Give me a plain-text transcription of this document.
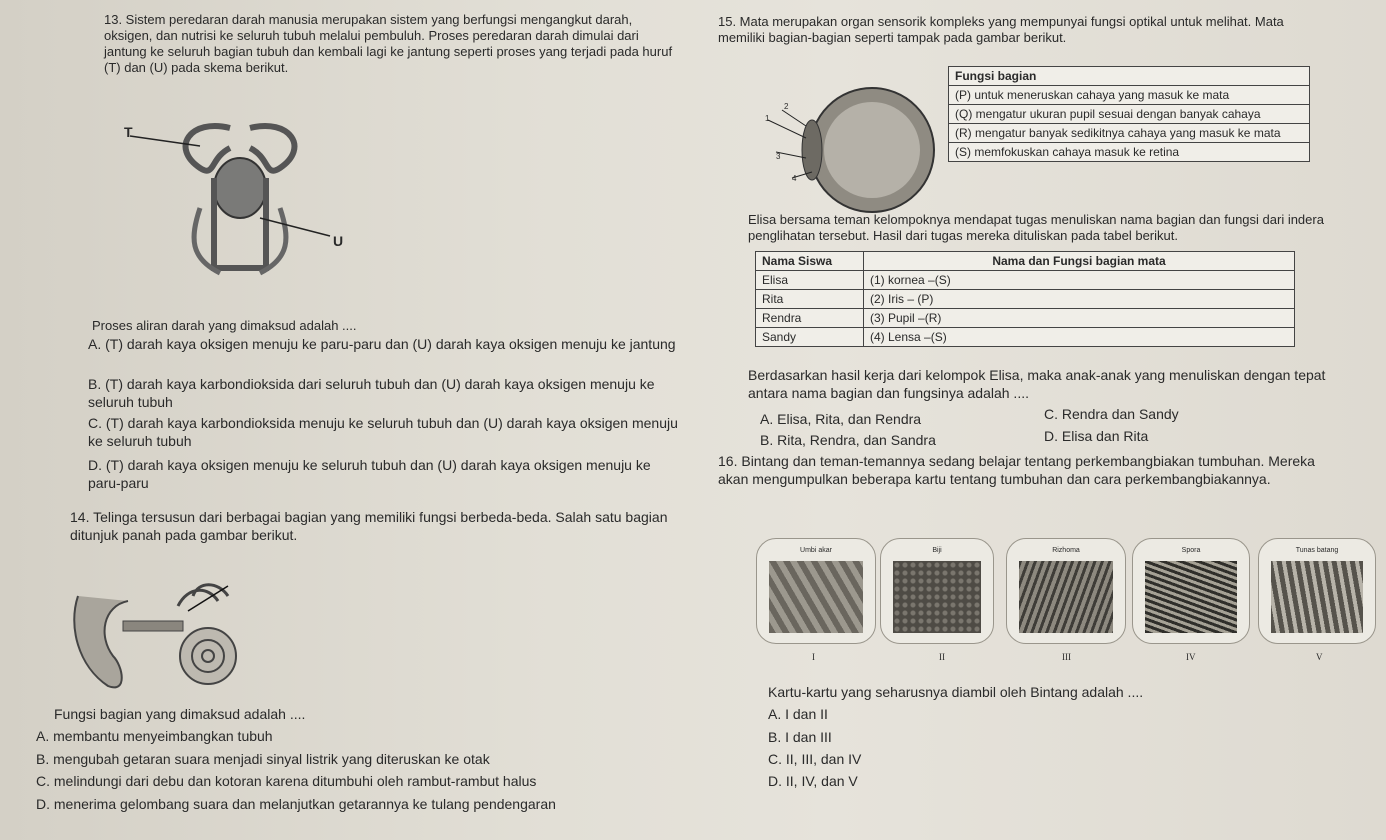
13. Sistem peredaran darah manusia merupakan sistem yang berfungsi mengangkut darah, oksigen, dan nutrisi ke seluruh tubuh melalui pembuluh. Proses peredaran darah dimulai dari jantung ke seluruh bagian tubuh dan kembali lagi ke jantung seperti proses yang terjadi pada huruf (T) dan (U) pada skema berikut.
T
U
Proses aliran darah yang dimaksud adalah ....
A. (T) darah kaya oksigen menuju ke paru-paru dan (U) darah kaya oksigen menuju ke jantung
B. (T) darah kaya karbondioksida dari seluruh tubuh dan (U) darah kaya oksigen menuju ke seluruh tubuh
C. (T) darah kaya karbondioksida menuju ke seluruh tubuh dan (U) darah kaya oksigen menuju ke seluruh tubuh
D. (T) darah kaya oksigen menuju ke seluruh tubuh dan (U) darah kaya oksigen menuju ke paru-paru
14. Telinga tersusun dari berbagai bagian yang memiliki fungsi berbeda-beda. Salah satu bagian ditunjuk panah pada gambar berikut.
Fungsi bagian yang dimaksud adalah ....
A. membantu menyeimbangkan tubuh
B. mengubah getaran suara menjadi sinyal listrik yang diteruskan ke otak
C. melindungi dari debu dan kotoran karena ditumbuhi oleh rambut-rambut halus
D. menerima gelombang suara dan melanjutkan getarannya ke tulang pendengaran
15. Mata merupakan organ sensorik kompleks yang mempunyai fungsi optikal untuk melihat. Mata memiliki bagian-bagian seperti tampak pada gambar berikut.
2
1
3
4
Fungsi bagian
(P) untuk meneruskan cahaya yang masuk ke mata
(Q) mengatur ukuran pupil sesuai dengan banyak cahaya
(R) mengatur banyak sedikitnya cahaya yang masuk ke mata
(S) memfokuskan cahaya masuk ke retina
Elisa bersama teman kelompoknya mendapat tugas menuliskan nama bagian dan fungsi dari indera penglihatan tersebut. Hasil dari tugas mereka dituliskan pada tabel berikut.
Nama Siswa	Nama dan Fungsi bagian mata
Elisa	(1) kornea –(S)
Rita	(2) Iris – (P)
Rendra	(3) Pupil –(R)
Sandy	(4) Lensa –(S)
Berdasarkan hasil kerja dari kelompok Elisa, maka anak-anak yang menuliskan dengan tepat antara nama bagian dan fungsinya adalah ....
A. Elisa, Rita, dan Rendra	C. Rendra dan Sandy
B. Rita, Rendra, dan Sandra	D. Elisa dan Rita
16. Bintang dan teman-temannya sedang belajar tentang perkembangbiakan tumbuhan. Mereka akan mengumpulkan beberapa kartu tentang tumbuhan dan cara perkembangbiakannya.
Umbi akar	Biji	Rizhoma	Spora	Tunas batang
I	II	III	IV	V
Kartu-kartu yang seharusnya diambil oleh Bintang adalah ....
A. I dan II
B. I dan III
C. II, III, dan IV
D. II, IV, dan V
